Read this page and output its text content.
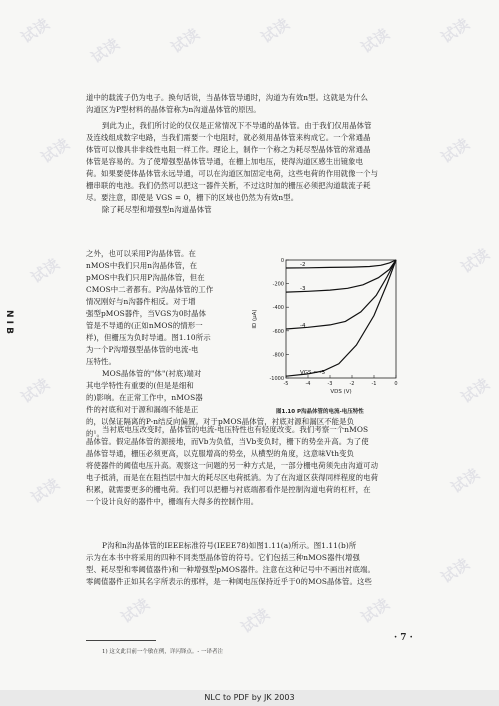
N I B

道中的载流子仍为电子。换句话说，当晶体管导通时，沟道为有效n型。这就是为什么

沟道区为P型材料的晶体管称为n沟道晶体管的原因。

到此为止，我们所讨论的仅仅是正常情况下不导通的晶体管。由于我们仅用晶体管

及连线组成数字电路，当我们需要一个电阻时，就必须用晶体管来构成它。一个常通晶

体管可以像具非非线性电阻一样工作。理论上，制作一个称之为耗尽型晶体管的常通晶

体管是容易的。为了使增强型晶体管导通，在栅上加电压，使得沟道区感生出镜象电

荷。如果要使体晶体管永远导通，可以在沟道区加固定电荷，这些电荷的作用就像一个与

栅串联的电池。我们仍然可以把这一器件关断，不过这时加的栅压必须把沟道载流子耗

尽。要注意，即使是 VGS = 0，栅下的区域也仍然为有效n型。

除了耗尽型和增强型n沟道晶体管

之外，也可以采用P沟晶体管。在

nMOS中我们只用n沟晶体管，在

pMOS中我们只用P沟晶体管，但在

CMOS中二者都有。P沟晶体管的工作

情况刚好与n沟器件相反。对于增

强型pMOS器件，当VGS为0时晶体

管是不导通的(正如nMOS的情形一

样)，但栅压为负时导通。图1.10所示

为一个P沟增强型晶体管的电流-电

压特性。

MOS晶体管的"体"(衬底)端对

其电学特性有重要的(但是是细和

的)影响。在正常工作中，nMOS器

件的衬底和对于源和漏端不能是正

的，以保证隔离的P-n结反向偏置。对于pMOS晶体管，衬底对源和漏区不能是负

的¹。

0
-200
-400
-600
-800
-1000
-5	-4	-3	-2	-1	0
VDS (V)
ID (μA)
-2
-3
-4
VGS = -5
图1.10 P沟晶体管的电流-电压特性

当衬底电压改变时，晶体管的电流-电压特性也有轻度改变。我们考察一个nMOS

晶体管。假定晶体管的源接地，而Vb为负值，当Vb变负时，栅下的势垒升高。为了使

晶体管导通，栅压必须更高，以克服增高的势垒，从横型的角度，这意味Vth变负

将使器件的阈值电压升高。观察这一问题的另一种方式是，一部分栅电荷须先由沟道可动

电子抵消，而是在在阻挡层中加大的耗尽区电荷抵消。为了在沟道区获得同样程度的电荷

积累，就需要更多的栅电荷。我们可以把栅与衬底端都看作是控制沟道电荷的杠杆，在

一个设计良好的器件中，栅端有大得多的控制作用。

P沟和n沟晶体管的IEEE标准符号(IEEE78)如图1.11(a)所示。图1.11(b)所

示为在本书中将采用的四种不同类型晶体管的符号。它们包括三种nMOS器件(增强

型、耗尽型和零阈值器件)和一种增强型pMOS器件。注意在这种记号中不画出衬底端。

零阈值器件正如其名字所表示的那样，是一种阈电压保持近乎于0的MOS晶体管。这些

· 7 ·
1) 这文此目前一个敏在例，详闪锋点。- 一译者注
试读
试读	试读	试读	试读	试读
试读	试读
试读	试读
试读	试读
试读	试读
试读	试读	试读
试读
NLC to PDF by JK 2003
